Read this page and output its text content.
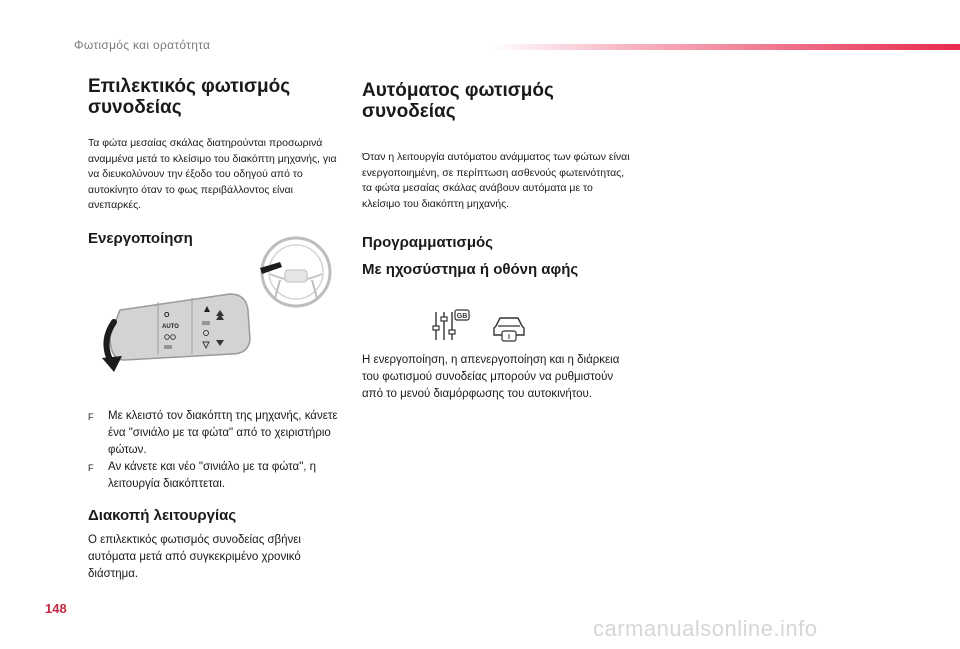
Φωτισμός και ορατότητα
Επιλεκτικός φωτισμός
συνοδείας

Τα φώτα μεσαίας σκάλας διατηρούνται προσωρινά αναμμένα μετά το κλείσιμο του διακόπτη μηχανής, για να διευκολύνουν την έξοδο του οδηγού από το αυτοκίνητο όταν το φως περιβάλλοντος είναι ανεπαρκές.

Ενεργοποίηση
O
AUTO
F	Με κλειστό τον διακόπτη της μηχανής, κάνετε ένα "σινιάλο με τα φώτα" από το χειριστήριο φώτων.
F	Αν κάνετε και νέο "σινιάλο με τα φώτα", η λειτουργία διακόπτεται.
Διακοπή λειτουργίας

Ο επιλεκτικός φωτισμός συνοδείας σβήνει αυτόματα μετά από συγκεκριμένο χρονικό διάστημα.

Αυτόματος φωτισμός
συνοδείας

Όταν η λειτουργία αυτόματου ανάμματος των φώτων είναι ενεργοποιημένη, σε περίπτωση ασθενούς φωτεινότητας, τα φώτα μεσαίας σκάλας ανάβουν αυτόματα με το κλείσιμο του διακόπτη μηχανής.

Προγραμματισμός
Με ηχοσύστημα ή οθόνη αφής
GB
I

Η ενεργοποίηση, η απενεργοποίηση και η διάρκεια του φωτισμού συνοδείας μπορούν να ρυθμιστούν από το μενού διαμόρφωσης του αυτοκινήτου.

148
carmanualsonline.info
